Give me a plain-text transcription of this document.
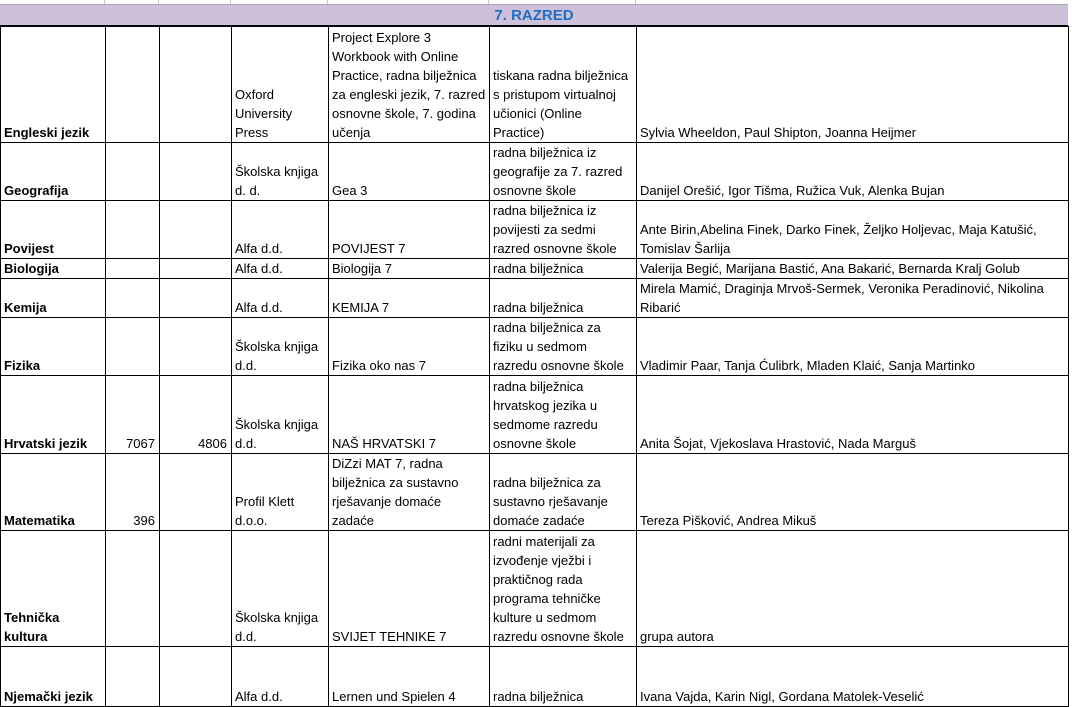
7. RAZRED
Engleski jezik			Oxford University Press	Project Explore 3 Workbook with Online Practice, radna bilježnica za engleski jezik, 7. razred osnovne škole, 7. godina učenja	tiskana radna bilježnica s pristupom virtualnoj učionici (Online Practice)	Sylvia Wheeldon, Paul Shipton, Joanna Heijmer
Geografija			Školska knjiga d. d.	Gea 3	radna bilježnica iz geografije za 7. razred osnovne škole	Danijel Orešić, Igor Tišma, Ružica Vuk, Alenka Bujan
Povijest			Alfa d.d.	POVIJEST 7	radna bilježnica iz povijesti za sedmi razred osnovne škole	Ante Birin,Abelina Finek, Darko Finek, Željko Holjevac, Maja Katušić, Tomislav Šarlija
Biologija			Alfa d.d.	Biologija 7	radna bilježnica	Valerija Begić, Marijana Bastić, Ana Bakarić, Bernarda Kralj Golub
Kemija			Alfa d.d.	KEMIJA 7	radna bilježnica	Mirela Mamić, Draginja Mrvoš-Sermek, Veronika Peradinović, Nikolina Ribarić
Fizika			Školska knjiga d.d.	Fizika oko nas 7	radna bilježnica za fiziku u sedmom razredu osnovne škole	Vladimir Paar, Tanja Ćulibrk, Mladen Klaić, Sanja Martinko
Hrvatski jezik	7067	4806	Školska knjiga d.d.	NAŠ HRVATSKI 7	radna bilježnica hrvatskog jezika u sedmome razredu osnovne škole	Anita Šojat, Vjekoslava Hrastović, Nada Marguš
Matematika	396		Profil Klett d.o.o.	DiZzi MAT 7, radna bilježnica za sustavno rješavanje domaće zadaće	radna bilježnica za sustavno rješavanje domaće zadaće	Tereza Pišković, Andrea Mikuš
Tehnička kultura			Školska knjiga d.d.	SVIJET TEHNIKE 7	radni materijali za izvođenje vježbi i praktičnog rada programa tehničke kulture u sedmom razredu osnovne škole	grupa autora
Njemački jezik			Alfa d.d.	Lernen und Spielen 4	radna bilježnica	Ivana Vajda, Karin Nigl, Gordana Matolek-Veselić
